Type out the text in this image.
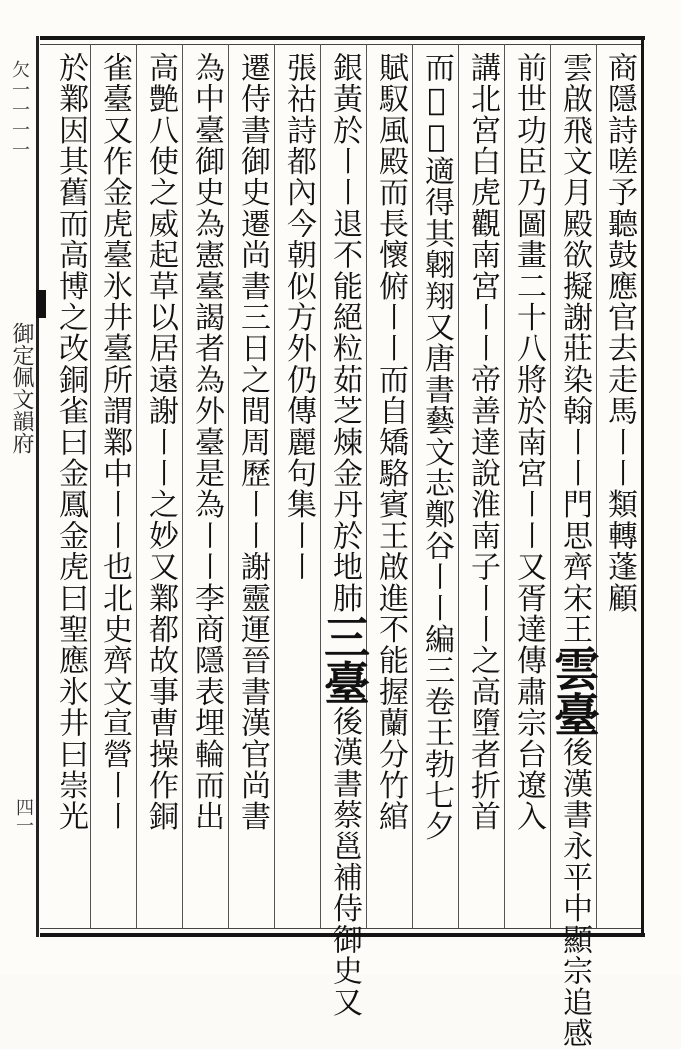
欠一一一一
御定佩文韻府
四一
商隱詩嗟予聽鼓應官去走馬〡〡類轉蓬顧
雲啟飛文月殿欲擬謝莊染翰〡〡門思齊宋王雲臺後漢書永平中顯宗追感
前世功臣乃圖畫二十八將於南宮〡〡又胥達傳肅宗台遼入
講北宮白虎觀南宮〡〡帝善達說淮南子〡〡之高墮者折首
而𦆑𦆑適得其翺翔又唐書藝文志鄭谷〡〡編三卷王勃七夕
賦馭風殿而長懷俯〡〡而自矯駱賓王啟進不能握蘭分竹綰
銀黃於〡〡退不能絕粒茹芝煉金丹於地肺三臺後漢書蔡邕補侍御史又
張祜詩都內今朝似方外仍傳麗句集〡〡
遷侍書御史遷尚書三日之間周歷〡〡謝靈運晉書漢官尚書
為中臺御史為憲臺謁者為外臺是為〡〡李商隱表埋輪而出
高艶八使之威起草以居遠謝〡〡之妙又鄴都故事曹操作銅
雀臺又作金虎臺氷井臺所謂鄴中〡〡也北史齊文宣營〡〡
於鄴因其舊而高博之改銅雀曰金鳳金虎曰聖應氷井曰崇光
